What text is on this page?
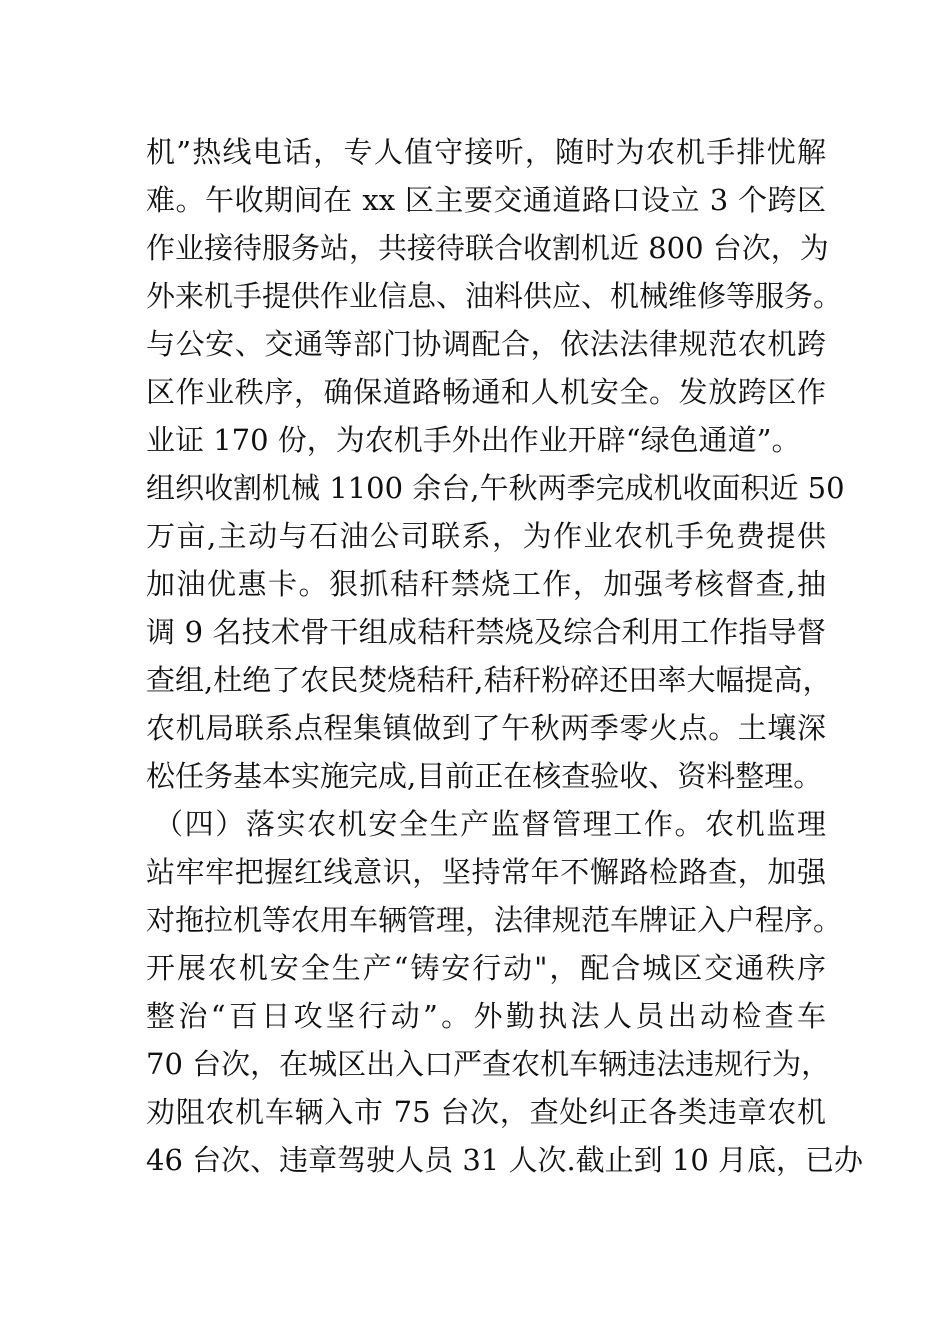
机”热线电话，专人值守接听，随时为农机手排忧解
难。午收期间在 xx 区主要交通道路口设立 3 个跨区
作业接待服务站，共接待联合收割机近 800 台次，为
外来机手提供作业信息、油料供应、机械维修等服务。
与公安、交通等部门协调配合，依法法律规范农机跨
区作业秩序，确保道路畅通和人机安全。发放跨区作
业证 170 份，为农机手外出作业开辟“绿色通道”。
组织收割机械 1100 余台,午秋两季完成机收面积近 50
万亩,主动与石油公司联系，为作业农机手免费提供
加油优惠卡。狠抓秸秆禁烧工作，加强考核督查,抽
调 9 名技术骨干组成秸秆禁烧及综合利用工作指导督
查组,杜绝了农民焚烧秸秆,秸秆粉碎还田率大幅提高，
农机局联系点程集镇做到了午秋两季零火点。土壤深
松任务基本实施完成,目前正在核查验收、资料整理。
（四）落实农机安全生产监督管理工作。农机监理
站牢牢把握红线意识，坚持常年不懈路检路查，加强
对拖拉机等农用车辆管理，法律规范车牌证入户程序。
开展农机安全生产“铸安行动"，配合城区交通秩序
整治“百日攻坚行动”。外勤执法人员出动检查车
70 台次，在城区出入口严查农机车辆违法违规行为，
劝阻农机车辆入市 75 台次，查处纠正各类违章农机
46 台次、违章驾驶人员 31 人次.截止到 10 月底，已办
